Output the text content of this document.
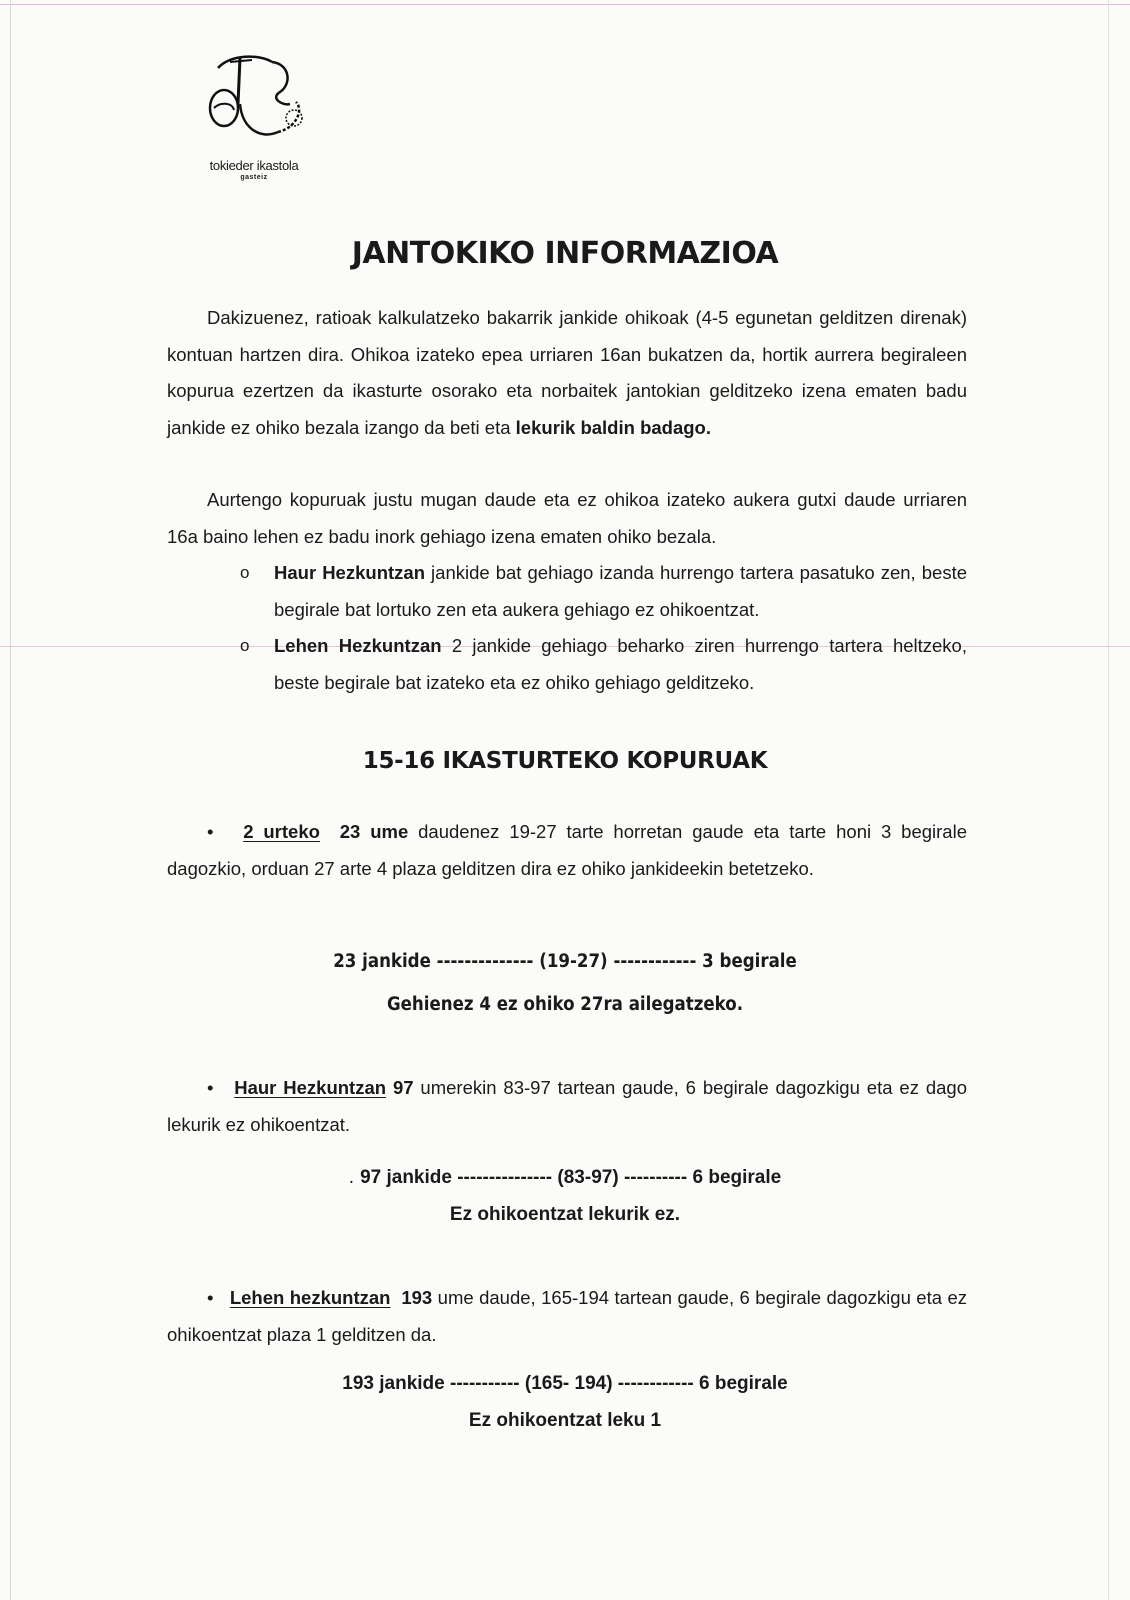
tokieder ikastola
gasteiz
JANTOKIKO INFORMAZIOA

Dakizuenez, ratioak kalkulatzeko bakarrik jankide ohikoak (4-5 egunetan gelditzen direnak) kontuan hartzen dira. Ohikoa izateko epea urriaren 16an bukatzen da, hortik aurrera begiraleen kopurua ezertzen da ikasturte osorako eta norbaitek jantokian gelditzeko izena ematen badu jankide ez ohiko bezala izango da beti eta lekurik baldin badago.

Aurtengo kopuruak justu mugan daude eta ez ohikoa izateko aukera gutxi daude urriaren 16a baino lehen ez badu inork gehiago izena ematen ohiko bezala.

o Haur Hezkuntzan jankide bat gehiago izanda hurrengo tartera pasatuko zen, beste begirale bat lortuko zen eta aukera gehiago ez ohikoentzat.
o Lehen Hezkuntzan 2 jankide gehiago beharko ziren hurrengo tartera heltzeko, beste begirale bat izateko eta ez ohiko gehiago gelditzeko.
15-16 IKASTURTEKO KOPURUAK

• 2 urteko 23 ume daudenez 19-27 tarte horretan gaude eta tarte honi 3 begirale dagozkio, orduan 27 arte 4 plaza gelditzen dira ez ohiko jankideekin betetzeko.

23 jankide -------------- (19-27) ------------ 3 begirale

Gehienez 4 ez ohiko 27ra ailegatzeko.

• Haur Hezkuntzan 97 umerekin 83-97 tartean gaude, 6 begirale dagozkigu eta ez dago lekurik ez ohikoentzat.

. 97 jankide --------------- (83-97) ---------- 6 begirale

Ez ohikoentzat lekurik ez.

• Lehen hezkuntzan 193 ume daude, 165-194 tartean gaude, 6 begirale dagozkigu eta ez ohikoentzat plaza 1 gelditzen da.

193 jankide ----------- (165- 194) ------------ 6 begirale

Ez ohikoentzat leku 1
